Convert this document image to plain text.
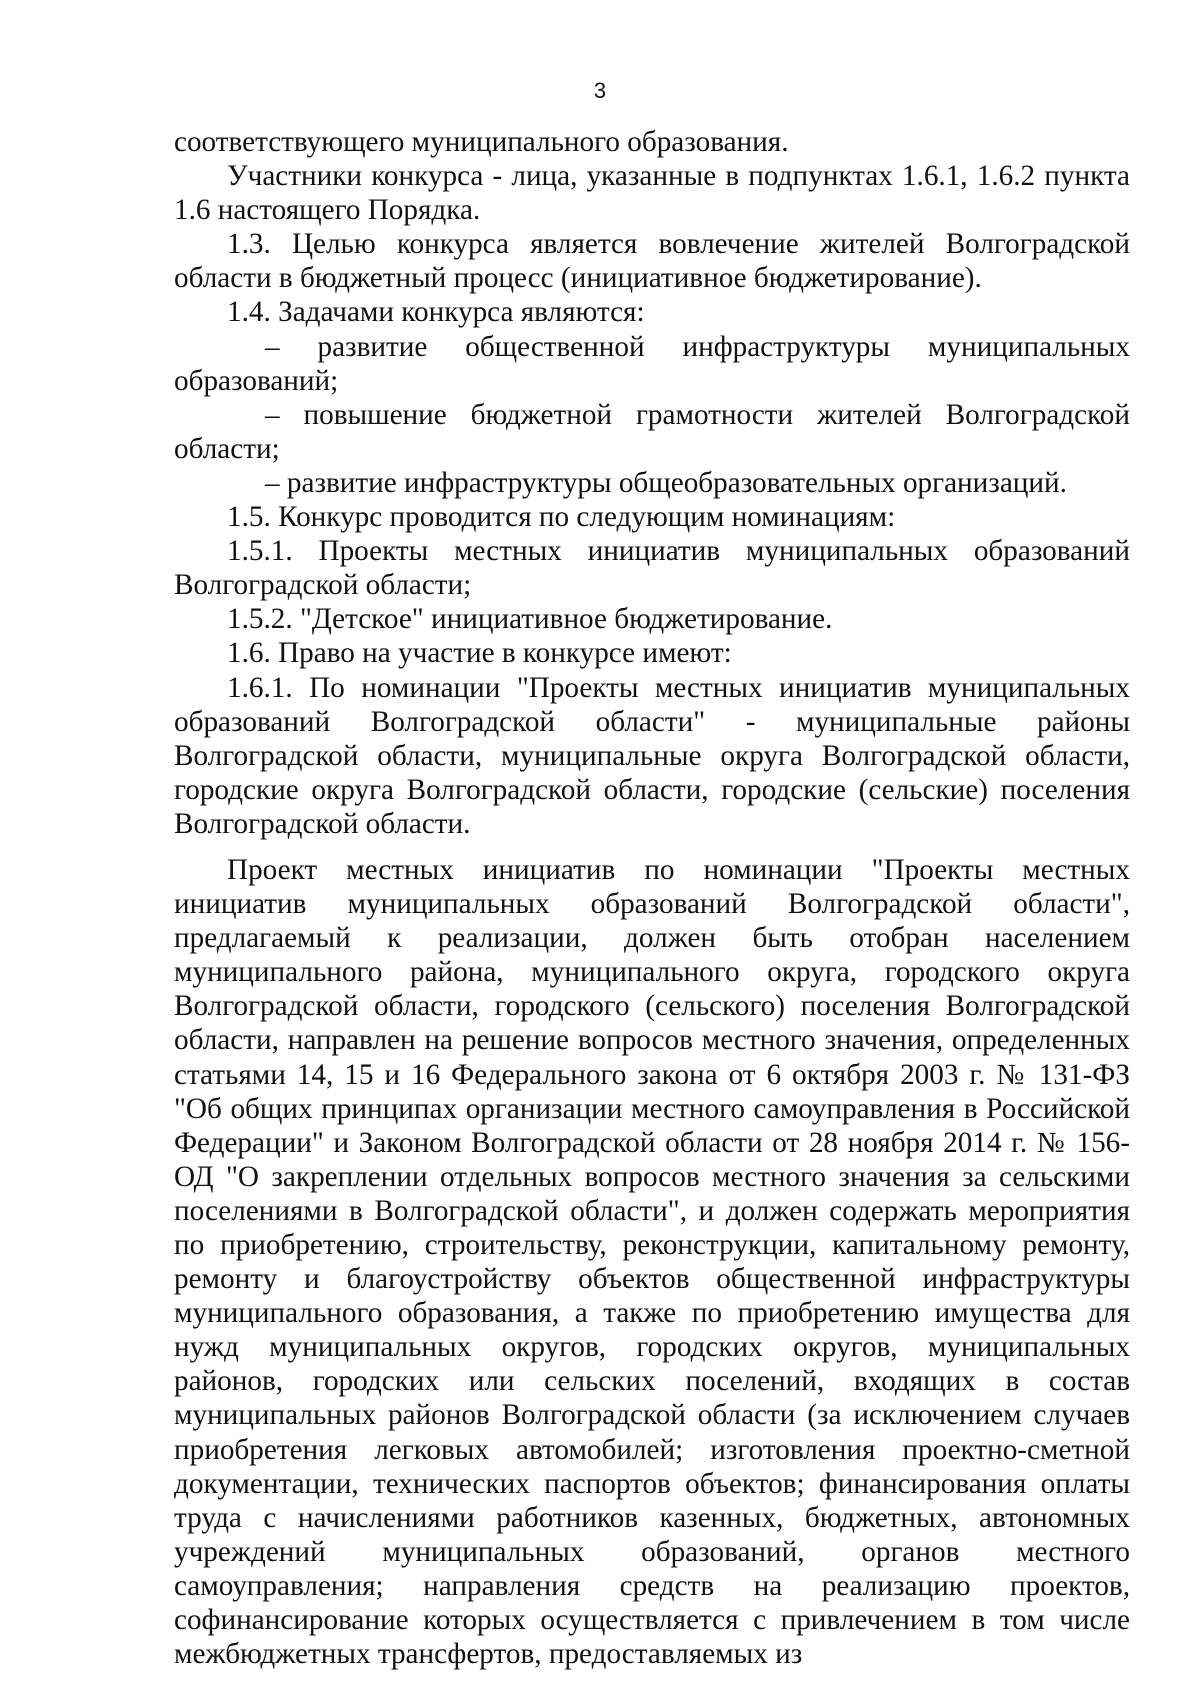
3

соответствующего муниципального образования.

Участники конкурса - лица, указанные в подпунктах 1.6.1, 1.6.2 пункта 1.6 настоящего Порядка.

1.3. Целью конкурса является вовлечение жителей Волгоградской области в бюджетный процесс (инициативное бюджетирование).

1.4. Задачами конкурса являются:

– развитие общественной инфраструктуры муниципальных образований;

– повышение бюджетной грамотности жителей Волгоградской области;

– развитие инфраструктуры общеобразовательных организаций.

1.5. Конкурс проводится по следующим номинациям:

1.5.1. Проекты местных инициатив муниципальных образований Волгоградской области;

1.5.2. "Детское" инициативное бюджетирование.

1.6. Право на участие в конкурсе имеют:

1.6.1. По номинации "Проекты местных инициатив муниципальных образований Волгоградской области" - муниципальные районы Волгоградской области, муниципальные округа Волгоградской области, городские округа Волгоградской области, городские (сельские) поселения Волгоградской области.

Проект местных инициатив по номинации "Проекты местных инициатив муниципальных образований Волгоградской области", предлагаемый к реализации, должен быть отобран населением муниципального района, муниципального округа, городского округа Волгоградской области, городского (сельского) поселения Волгоградской области, направлен на решение вопросов местного значения, определенных статьями 14, 15 и 16 Федерального закона от 6 октября 2003 г. № 131-ФЗ "Об общих принципах организации местного самоуправления в Российской Федерации" и Законом Волгоградской области от 28 ноября 2014 г. № 156-ОД "О закреплении отдельных вопросов местного значения за сельскими поселениями в Волгоградской области", и должен содержать мероприятия по приобретению, строительству, реконструкции, капитальному ремонту, ремонту и благоустройству объектов общественной инфраструктуры муниципального образования, а также по приобретению имущества для нужд муниципальных округов, городских округов, муниципальных районов, городских или сельских поселений, входящих в состав муниципальных районов Волгоградской области (за исключением случаев приобретения легковых автомобилей; изготовления проектно-сметной документации, технических паспортов объектов; финансирования оплаты труда с начислениями работников казенных, бюджетных, автономных учреждений муниципальных образований, органов местного самоуправления; направления средств на реализацию проектов, софинансирование которых осуществляется с привлечением в том числе межбюджетных трансфертов, предоставляемых из
